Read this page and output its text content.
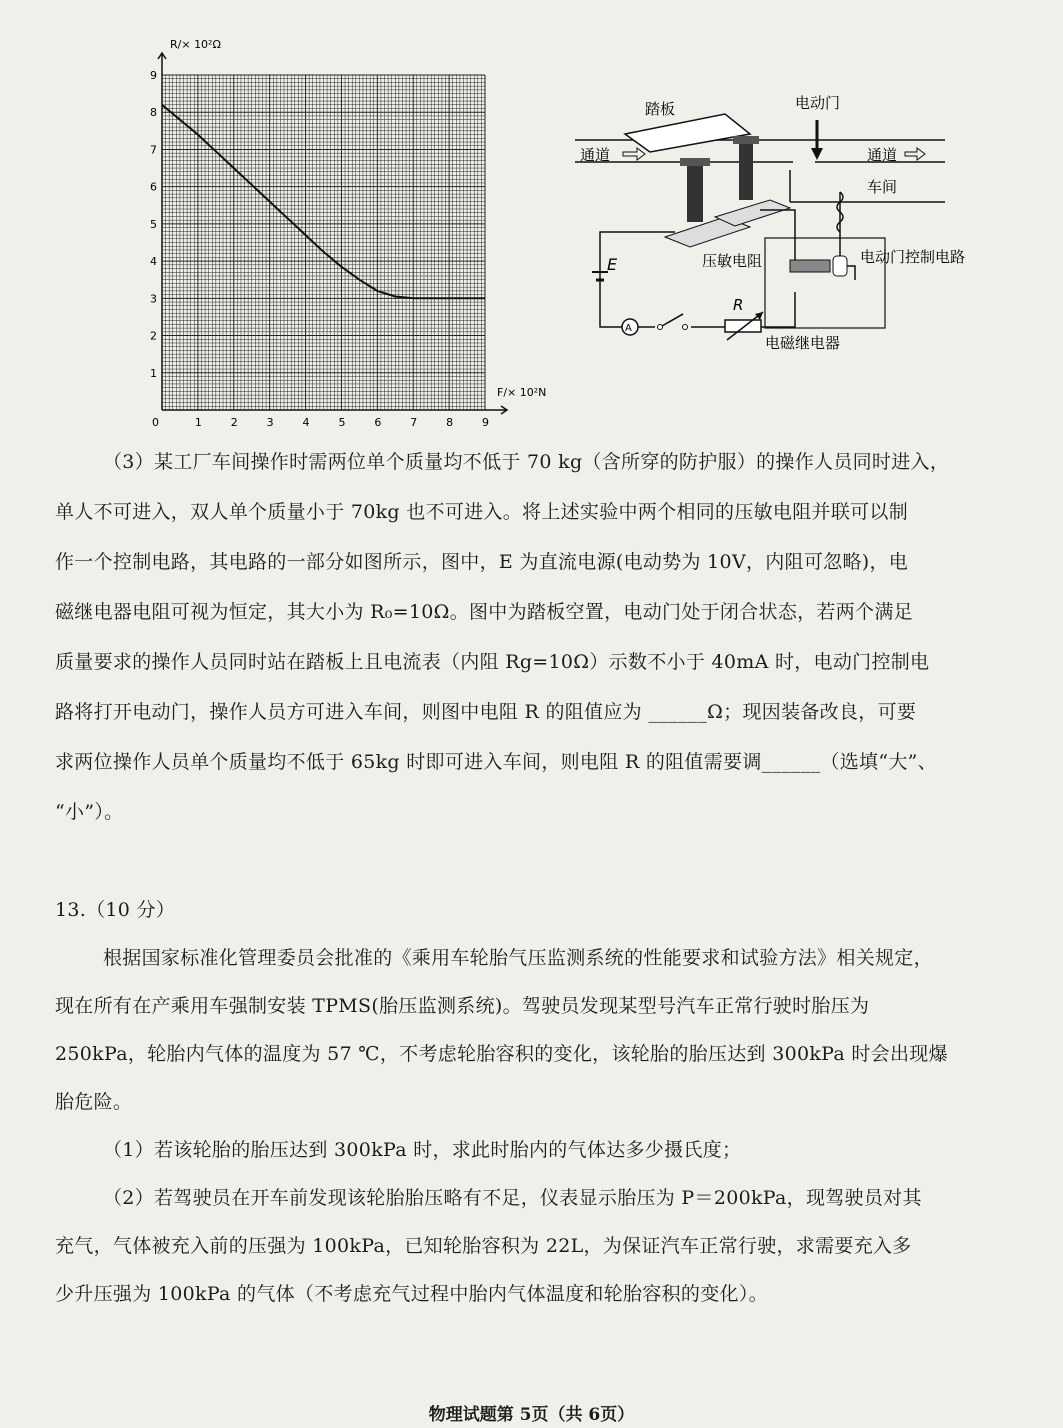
R/× 10²Ω
F/× 10²N
1
2
3
4
5
6
7
8
9
0	1	2	3	4	5	6	7	8	9
E
A
R
踏板	电动门
通道	通道
车间
压敏电阻	电动门控制电路
电磁继电器
（3）某工厂车间操作时需两位单个质量均不低于 70 kg（含所穿的防护服）的操作人员同时进入，
单人不可进入，双人单个质量小于 70kg 也不可进入。将上述实验中两个相同的压敏电阻并联可以制
作一个控制电路，其电路的一部分如图所示，图中，E 为直流电源(电动势为 10V，内阻可忽略)，电
磁继电器电阻可视为恒定，其大小为 R₀=10Ω。图中为踏板空置，电动门处于闭合状态，若两个满足
质量要求的操作人员同时站在踏板上且电流表（内阻 Rg=10Ω）示数不小于 40mA 时，电动门控制电
路将打开电动门，操作人员方可进入车间，则图中电阻 R 的阻值应为 ______Ω；现因装备改良，可要
求两位操作人员单个质量均不低于 65kg 时即可进入车间，则电阻 R 的阻值需要调______（选填“大”、
“小”）。
13.（10 分）
根据国家标准化管理委员会批准的《乘用车轮胎气压监测系统的性能要求和试验方法》相关规定，
现在所有在产乘用车强制安装 TPMS(胎压监测系统)。驾驶员发现某型号汽车正常行驶时胎压为
250kPa，轮胎内气体的温度为 57 ℃，不考虑轮胎容积的变化，该轮胎的胎压达到 300kPa 时会出现爆
胎危险。
（1）若该轮胎的胎压达到 300kPa 时，求此时胎内的气体达多少摄氏度；
（2）若驾驶员在开车前发现该轮胎胎压略有不足，仪表显示胎压为 P＝200kPa，现驾驶员对其
充气，气体被充入前的压强为 100kPa，已知轮胎容积为 22L，为保证汽车正常行驶，求需要充入多
少升压强为 100kPa 的气体（不考虑充气过程中胎内气体温度和轮胎容积的变化）。
物理试题第 5页（共 6页）
